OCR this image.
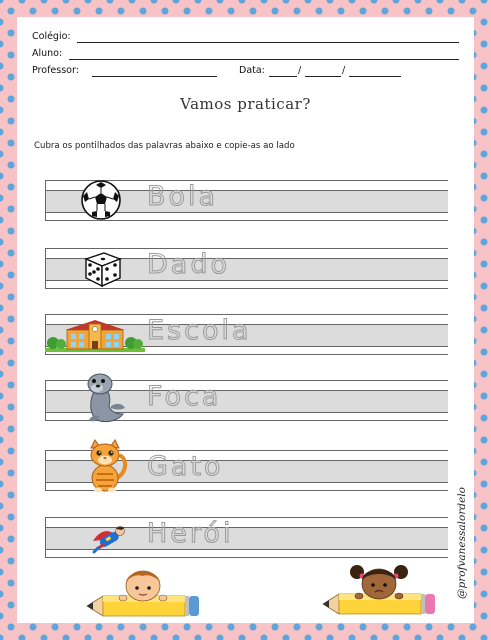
Colégio:
Aluno:
Professor:	Data:	/	/
Vamos praticar?
Cubra os pontilhados das palavras abaixo e copie-as ao lado
Bola
Dado
Escola
Foca
Gato
Herói	@profvanessalordelo
